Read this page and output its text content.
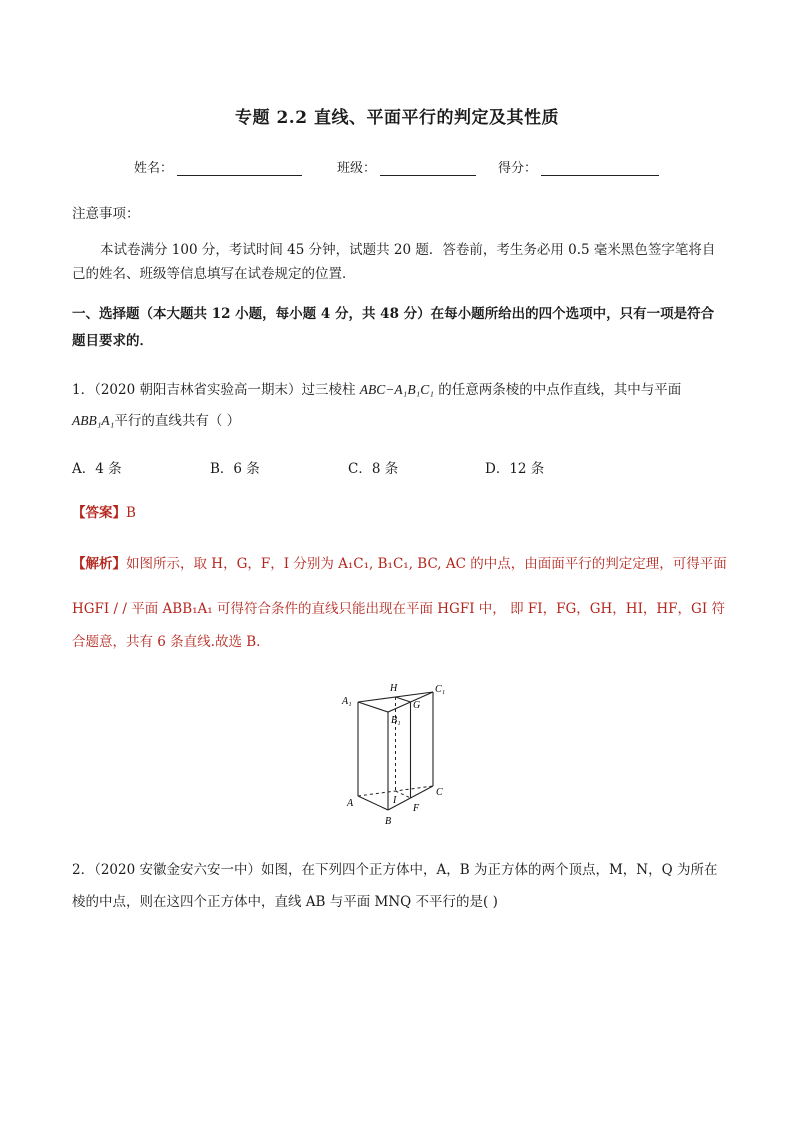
专题 2.2 直线、平面平行的判定及其性质
姓名：	班级：	得分：
注意事项：
本试卷满分 100 分，考试时间 45 分钟，试题共 20 题．答卷前，考生务必用 0.5 毫米黑色签字笔将自
己的姓名、班级等信息填写在试卷规定的位置．
一、选择题（本大题共 12 小题，每小题 4 分，共 48 分）在每小题所给出的四个选项中，只有一项是符合
题目要求的．
1．（2020 朝阳吉林省实验高一期末）过三棱柱 ABC−A₁B₁C₁ 的任意两条棱的中点作直线，其中与平面
ABB₁A₁平行的直线共有（ ）
A．4 条	B．6 条	C．8 条	D．12 条
【答案】B
【解析】如图所示，取 H，G，F，I 分别为 A₁C₁, B₁C₁, BC, AC 的中点，由面面平行的判定定理，可得平面
HGFI / / 平面 ABB₁A₁ 可得符合条件的直线只能出现在平面 HGFI 中， 即 FI，FG，GH，HI，HF，GI 符
合题意，共有 6 条直线.故选 B.
A₁
H	C₁
G
B₁
A	I
C
F
B
2．（2020 安徽金安六安一中）如图，在下列四个正方体中，A，B 为正方体的两个顶点，M，N，Q 为所在
棱的中点，则在这四个正方体中，直线 AB 与平面 MNQ 不平行的是( )
